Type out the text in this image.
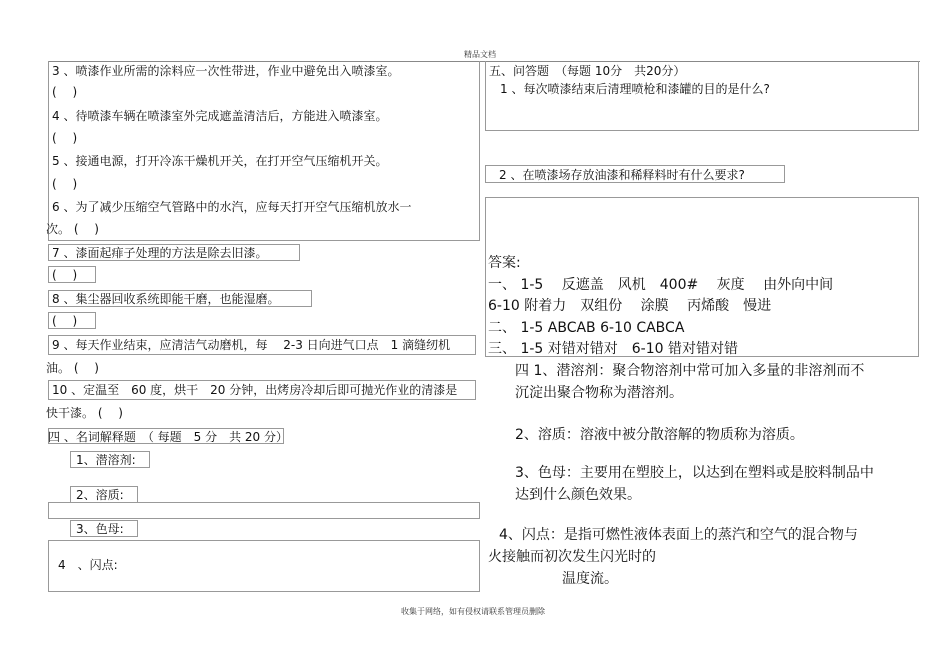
精品文档
收集于网络，如有侵权请联系管理员删除
3 、喷漆作业所需的涂料应一次性带进，作业中避免出入喷漆室。
(　 )
4 、待喷漆车辆在喷漆室外完成遮盖清洁后，方能进入喷漆室。
(　 )
5 、接通电源，打开冷冻干燥机开关，在打开空气压缩机开关。
(　 )
6 、为了减少压缩空气管路中的水汽，应每天打开空气压缩机放水一
次。 (　 )
7 、漆面起痱子处理的方法是除去旧漆。
(　 )
8 、集尘器回收系统即能干磨，也能湿磨。
(　 )
9 、每天作业结束，应清洁气动磨机，每　 2-3 日向进气口点　1 滴缝纫机
油。 (　 )
10 、定温至　60 度，烘干　20 分钟，出烤房冷却后即可抛光作业的清漆是
快干漆。 (　 )
四 、名词解释题　（ 每题　5 分　共 20 分）
1、潜溶剂:
2、溶质:
3、色母:
4　、闪点:
五、问答题　（每题 10分　共20分）
1 、每次喷漆结束后清理喷枪和漆罐的目的是什么?
2 、在喷漆场存放油漆和稀释料时有什么要求?
答案:
一、 1-5　 反遮盖　风机　400#　 灰度　 由外向中间
6-10 附着力　双组份　 涂膜　 丙烯酸　慢进
二、 1-5 ABCAB 6-10 CABCA
三、 1-5 对错对错对　6-10 错对错对错
四 1、潜溶剂：聚合物溶剂中常可加入多量的非溶剂而不
沉淀出聚合物称为潜溶剂。
2、溶质：溶液中被分散溶解的物质称为溶质。
3、色母：主要用在塑胶上，以达到在塑料或是胶料制品中
达到什么颜色效果。
4、闪点：是指可燃性液体表面上的蒸汽和空气的混合物与
火接触而初次发生闪光时的
温度流。
